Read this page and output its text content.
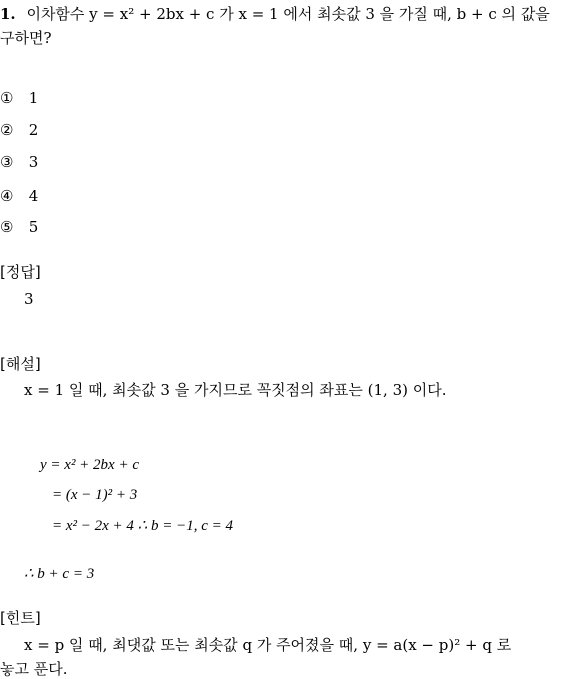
1. 이차함수 y = x² + 2bx + c 가 x = 1 에서 최솟값 3 을 가질 때, b + c 의 값을
구하면?
① 1
② 2
③ 3
④ 4
⑤ 5
[정답]
3
[해설]
x = 1 일 때, 최솟값 3 을 가지므로 꼭짓점의 좌표는 (1, 3) 이다.
y = x² + 2bx + c
= (x − 1)² + 3
= x² − 2x + 4 ∴ b = −1, c = 4
∴ b + c = 3
[힌트]
x = p 일 때, 최댓값 또는 최솟값 q 가 주어졌을 때, y = a(x − p)² + q 로
놓고 푼다.
